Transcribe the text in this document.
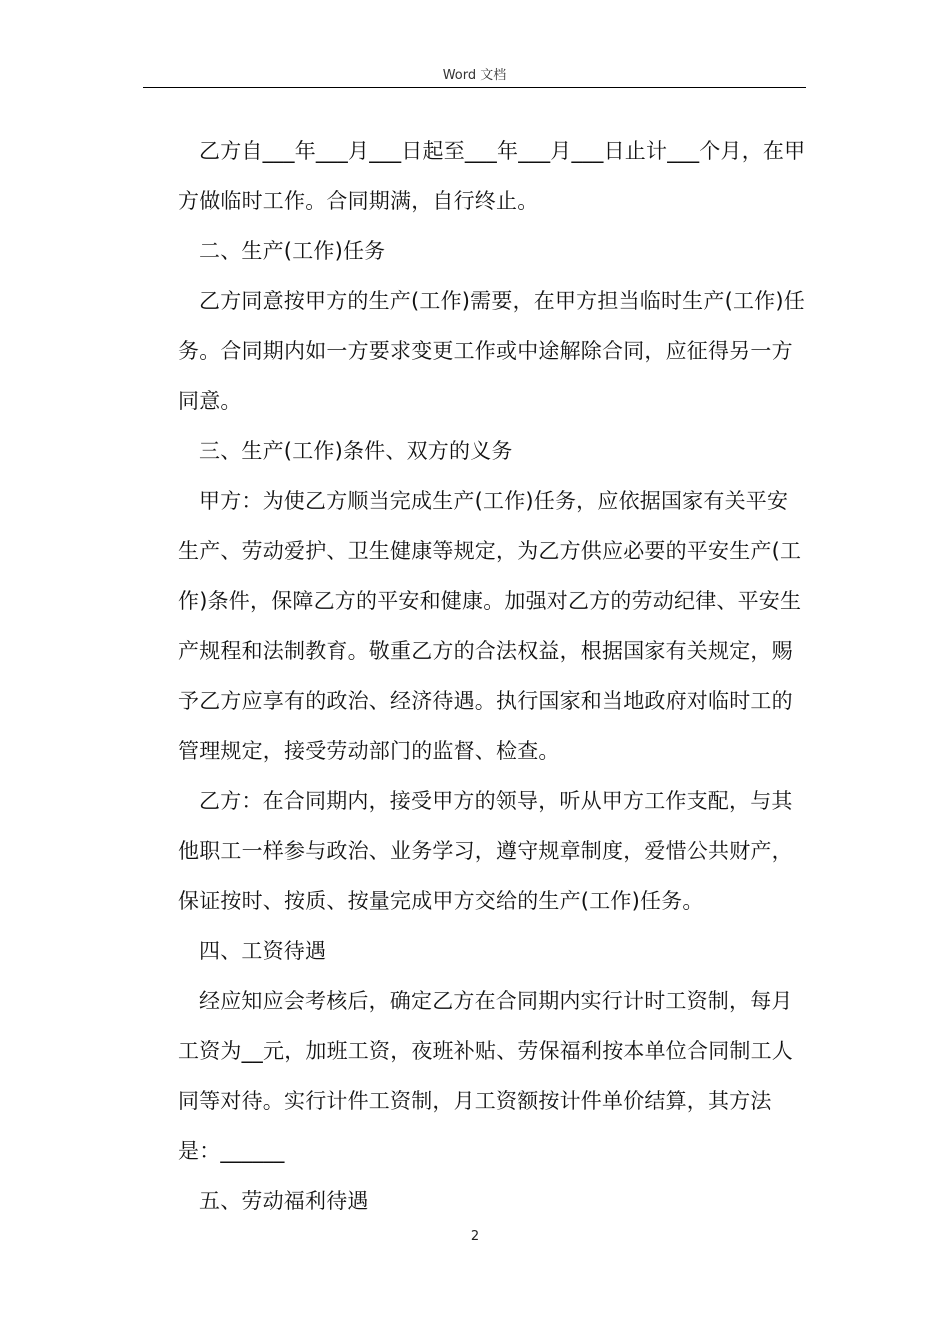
Word 文档

乙方自___年___月___日起至___年___月___日止计___个月，在甲方做临时工作。合同期满，自行终止。

二、生产(工作)任务

乙方同意按甲方的生产(工作)需要，在甲方担当临时生产(工作)任务。合同期内如一方要求变更工作或中途解除合同，应征得另一方同意。

三、生产(工作)条件、双方的义务

甲方：为使乙方顺当完成生产(工作)任务，应依据国家有关平安生产、劳动爱护、卫生健康等规定，为乙方供应必要的平安生产(工作)条件，保障乙方的平安和健康。加强对乙方的劳动纪律、平安生产规程和法制教育。敬重乙方的合法权益，根据国家有关规定，赐予乙方应享有的政治、经济待遇。执行国家和当地政府对临时工的管理规定，接受劳动部门的监督、检查。

乙方：在合同期内，接受甲方的领导，听从甲方工作支配，与其他职工一样参与政治、业务学习，遵守规章制度，爱惜公共财产，保证按时、按质、按量完成甲方交给的生产(工作)任务。

四、工资待遇

经应知应会考核后，确定乙方在合同期内实行计时工资制，每月工资为__元，加班工资，夜班补贴、劳保福利按本单位合同制工人同等对待。实行计件工资制，月工资额按计件单价结算，其方法是：______

五、劳动福利待遇

2
